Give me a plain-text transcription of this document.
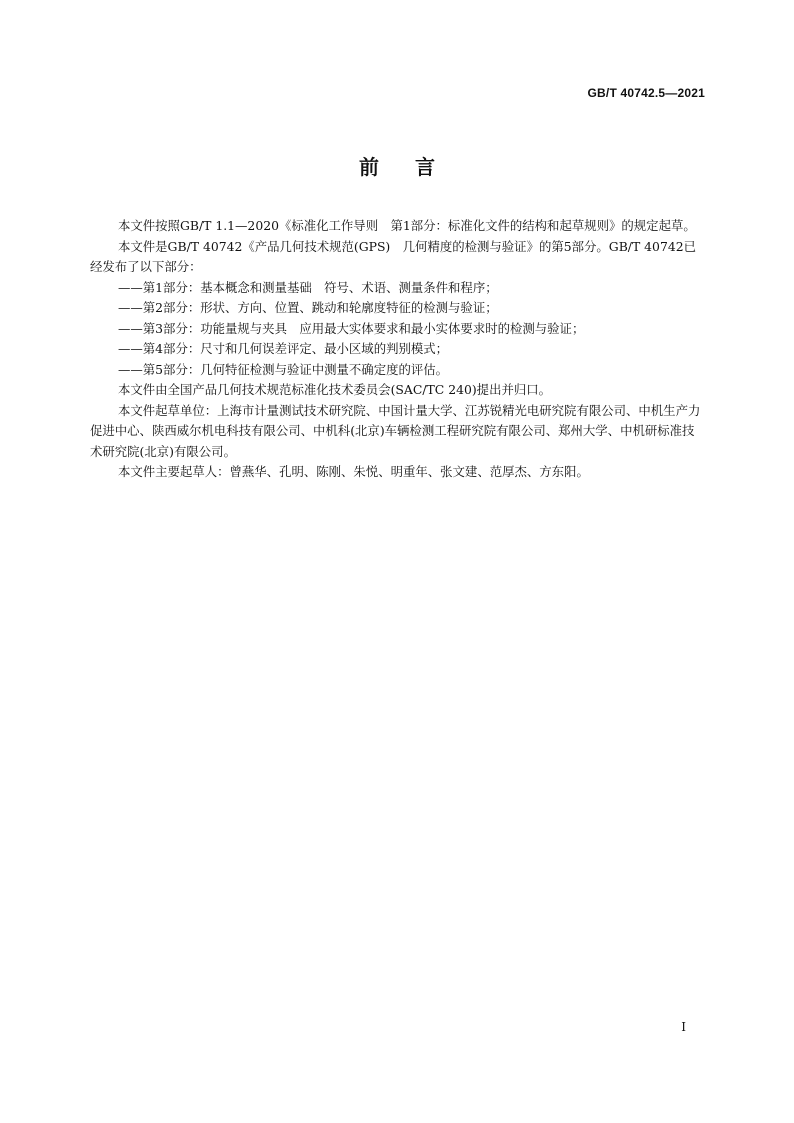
GB/T 40742.5—2021
前言

本文件按照GB/T 1.1—2020《标准化工作导则　第1部分：标准化文件的结构和起草规则》的规定起草。

本文件是GB/T 40742《产品几何技术规范(GPS)　几何精度的检测与验证》的第5部分。GB/T 40742已经发布了以下部分：

——第1部分：基本概念和测量基础　符号、术语、测量条件和程序；

——第2部分：形状、方向、位置、跳动和轮廓度特征的检测与验证；

——第3部分：功能量规与夹具　应用最大实体要求和最小实体要求时的检测与验证；

——第4部分：尺寸和几何误差评定、最小区域的判别模式；

——第5部分：几何特征检测与验证中测量不确定度的评估。

本文件由全国产品几何技术规范标准化技术委员会(SAC/TC 240)提出并归口。

本文件起草单位：上海市计量测试技术研究院、中国计量大学、江苏锐精光电研究院有限公司、中机生产力促进中心、陕西威尔机电科技有限公司、中机科(北京)车辆检测工程研究院有限公司、郑州大学、中机研标准技术研究院(北京)有限公司。

本文件主要起草人：曾燕华、孔明、陈刚、朱悦、明重年、张文建、范厚杰、方东阳。

I
